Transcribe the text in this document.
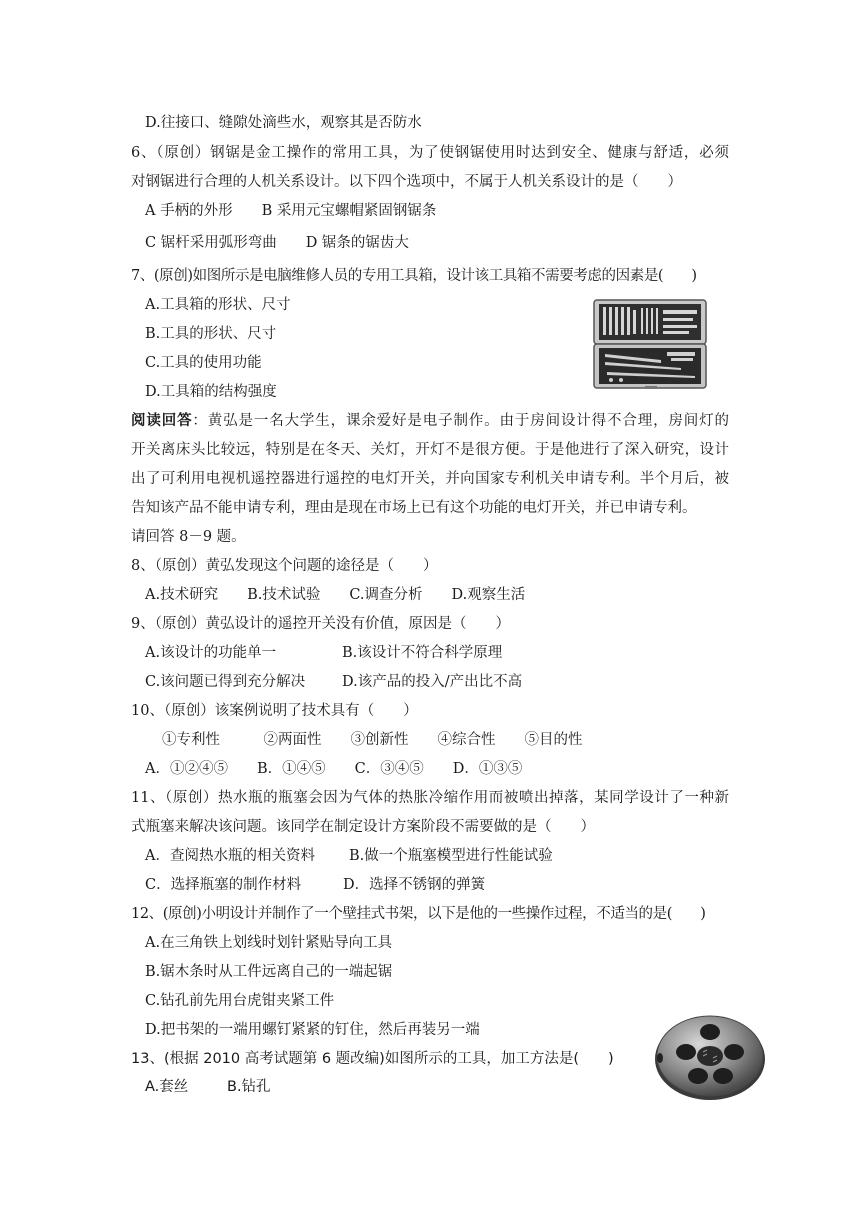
D.往接口、缝隙处滴些水，观察其是否防水
6、（原创）钢锯是金工操作的常用工具，为了使钢锯使用时达到安全、健康与舒适，必须
对钢锯进行合理的人机关系设计。以下四个选项中，不属于人机关系设计的是（　　）
A 手柄的外形　　B 采用元宝螺帽紧固钢锯条
C 锯杆采用弧形弯曲　　D 锯条的锯齿大
7、(原创)如图所示是电脑维修人员的专用工具箱，设计该工具箱不需要考虑的因素是(　　)
A.工具箱的形状、尺寸
B.工具的形状、尺寸
C.工具的使用功能
D.工具箱的结构强度
阅读回答：黄弘是一名大学生，课余爱好是电子制作。由于房间设计得不合理，房间灯的
开关离床头比较远，特别是在冬天、关灯，开灯不是很方便。于是他进行了深入研究，设计
出了可利用电视机遥控器进行遥控的电灯开关，并向国家专利机关申请专利。半个月后，被
告知该产品不能申请专利，理由是现在市场上已有这个功能的电灯开关，并已申请专利。
请回答 8－9 题。
8、（原创）黄弘发现这个问题的途径是（　　）
A.技术研究　　B.技术试验　　C.调查分析　　D.观察生活
9、（原创）黄弘设计的遥控开关没有价值，原因是（　　）
A.该设计的功能单一	B.该设计不符合科学原理
C.该问题已得到充分解决	D.该产品的投入/产出比不高
10、（原创）该案例说明了技术具有（　　）
①专利性　　　②两面性　　③创新性　　④综合性　　⑤目的性
A．①②④⑤　　B．①④⑤　　C．③④⑤　　D．①③⑤
11、（原创）热水瓶的瓶塞会因为气体的热胀冷缩作用而被喷出掉落，某同学设计了一种新
式瓶塞来解决该问题。该同学在制定设计方案阶段不需要做的是（　　）
A．查阅热水瓶的相关资料 B.做一个瓶塞模型进行性能试验
C．选择瓶塞的制作材料	D．选择不锈钢的弹簧
12、(原创)小明设计并制作了一个壁挂式书架，以下是他的一些操作过程，不适当的是(　　)
A.在三角铁上划线时划针紧贴导向工具
B.锯木条时从工件远离自己的一端起锯
C.钻孔前先用台虎钳夹紧工件
D.把书架的一端用螺钉紧紧的钉住，然后再装另一端
13、(根据 2010 高考试题第 6 题改编)如图所示的工具，加工方法是(　　)
A.套丝	B.钻孔
